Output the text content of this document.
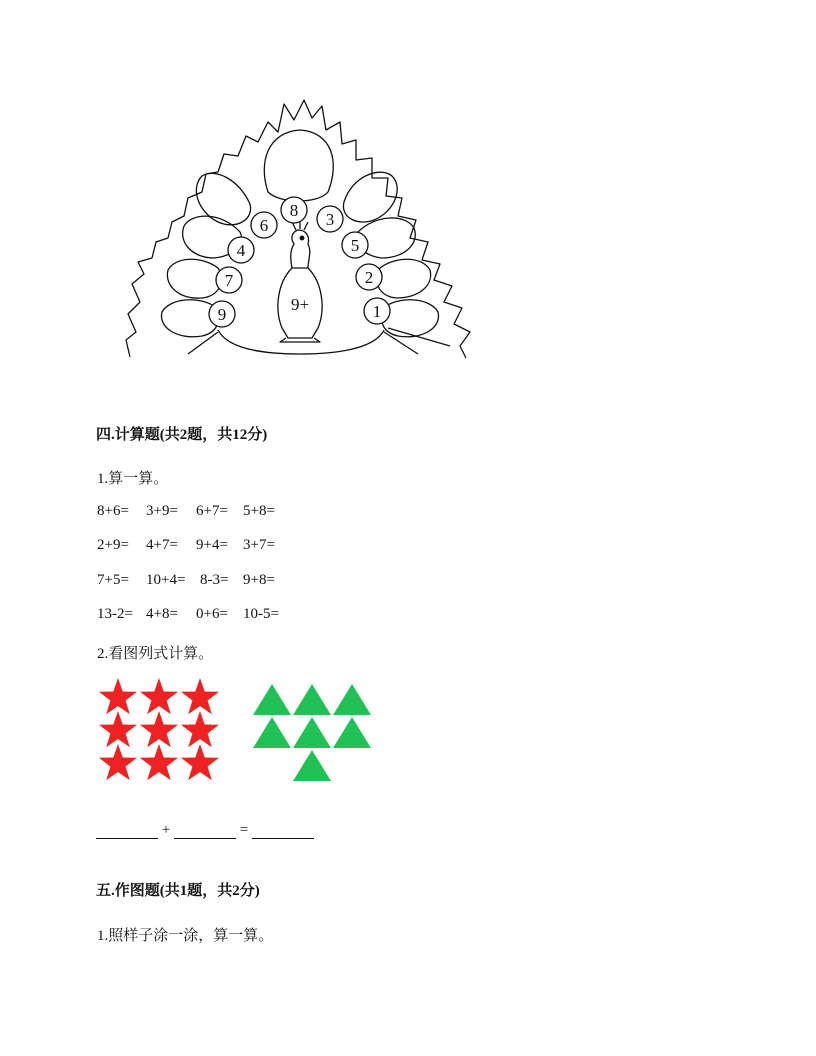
9+
8
6	3
4	5
7	2
9	1
四.计算题(共2题，共12分)
1.算一算。
8+6= 3+9= 6+7= 5+8=
2+9= 4+7= 9+4= 3+7=
7+5= 10+4= 8-3= 9+8=
13-2= 4+8= 0+6= 10-5=
2.看图列式计算。
+	=
五.作图题(共1题，共2分)
1.照样子涂一涂，算一算。
